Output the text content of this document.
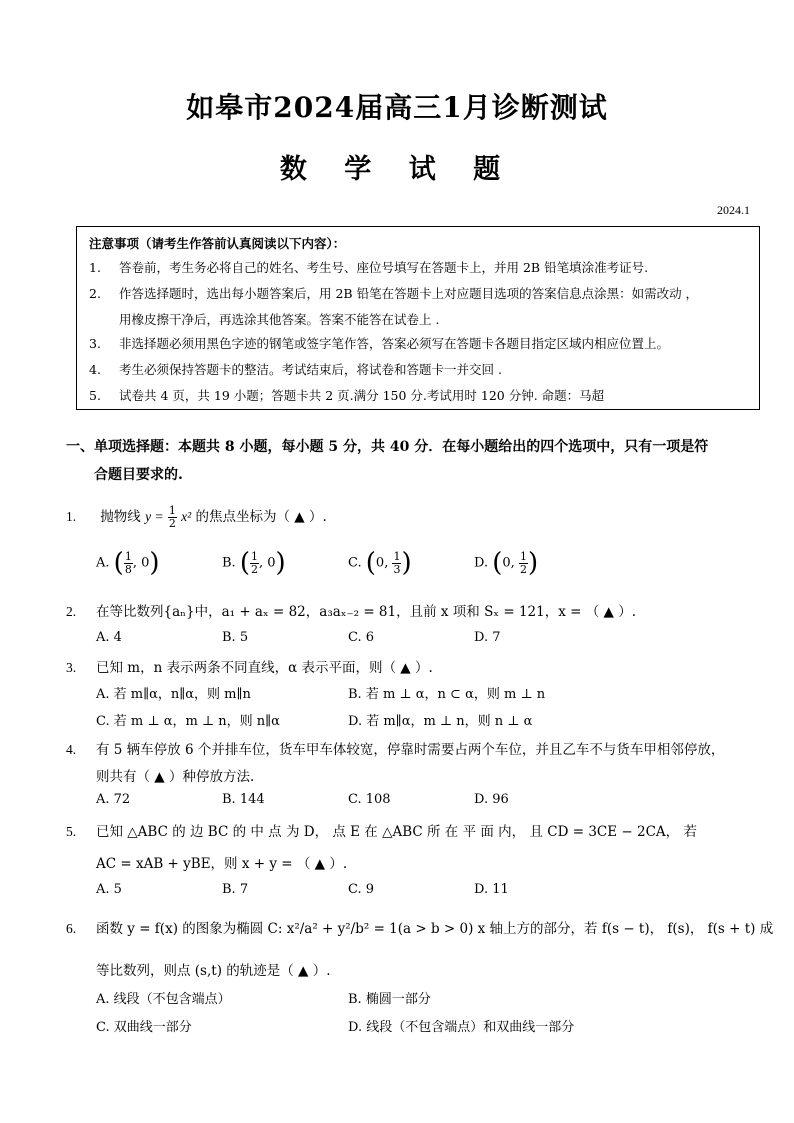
如皋市2024届高三1月诊断测试
数 学 试 题
2024.1
注意事项（请考生作答前认真阅读以下内容）：
1. 答卷前，考生务必将自己的姓名、考生号、座位号填写在答题卡上，并用 2B 铅笔填涂准考证号.
2. 作答选择题时，选出每小题答案后，用 2B 铅笔在答题卡上对应题目选项的答案信息点涂黑：如需改动 ，
用橡皮擦干净后，再选涂其他答案。答案不能答在试卷上 .
3. 非选择题必须用黑色字迹的钢笔或签字笔作答，答案必须写在答题卡各题目指定区域内相应位置上。
4. 考生必须保持答题卡的整洁。考试结束后，将试卷和答题卡一并交回 .
5. 试卷共 4 页，共 19 小题；答题卡共 2 页.满分 150 分.考试用时 120 分钟. 命题：马超
一、单项选择题：本题共 8 小题，每小题 5 分，共 40 分．在每小题给出的四个选项中，只有一项是符
合题目要求的.
1. 抛物线 $y = \frac{1}{2} x^2$ 的焦点坐标为（ ▲ ）.
A. ( $\frac{1}{8}$ , 0)	B. ( $\frac{1}{2}$ , 0)	C. (0, $\frac{1}{3}$ )	D. (0, $\frac{1}{2}$ )
2. 在等比数列{aₙ}中，a₁ + aₓ = 82，a₃aₓ₋₂ = 81，且前 x 项和 Sₓ = 121，x = （ ▲ ）.
A. 4	B. 5	C. 6	D. 7
3. 已知 m，n 表示两条不同直线，α 表示平面，则（ ▲ ）.
A. 若 m∥α，n∥α，则 m∥n	B. 若 m ⊥ α，n ⊂ α，则 m ⊥ n
C. 若 m ⊥ α，m ⊥ n，则 n∥α	D. 若 m∥α，m ⊥ n，则 n ⊥ α
4. 有 5 辆车停放 6 个并排车位，货车甲车体较宽，停靠时需要占两个车位，并且乙车不与货车甲相邻停放，
则共有（ ▲ ）种停放方法.
A. 72	B. 144	C. 108	D. 96
5. 已知 △ABC 的 边 BC 的 中 点 为 D， 点 E 在 △ABC 所 在 平 面 内， 且 CD = 3CE − 2CA， 若
AC = xAB + yBE，则 x + y = （ ▲ ）.
A. 5	B. 7	C. 9	D. 11
6. 函数 y = f(x) 的图象为椭圆 C: x²/a² + y²/b² = 1(a > b > 0) x 轴上方的部分，若 f(s − t)， f(s)， f(s + t) 成
等比数列，则点 (s,t) 的轨迹是（ ▲ ）.
A. 线段（不包含端点）	B. 椭圆一部分
C. 双曲线一部分	D. 线段（不包含端点）和双曲线一部分
